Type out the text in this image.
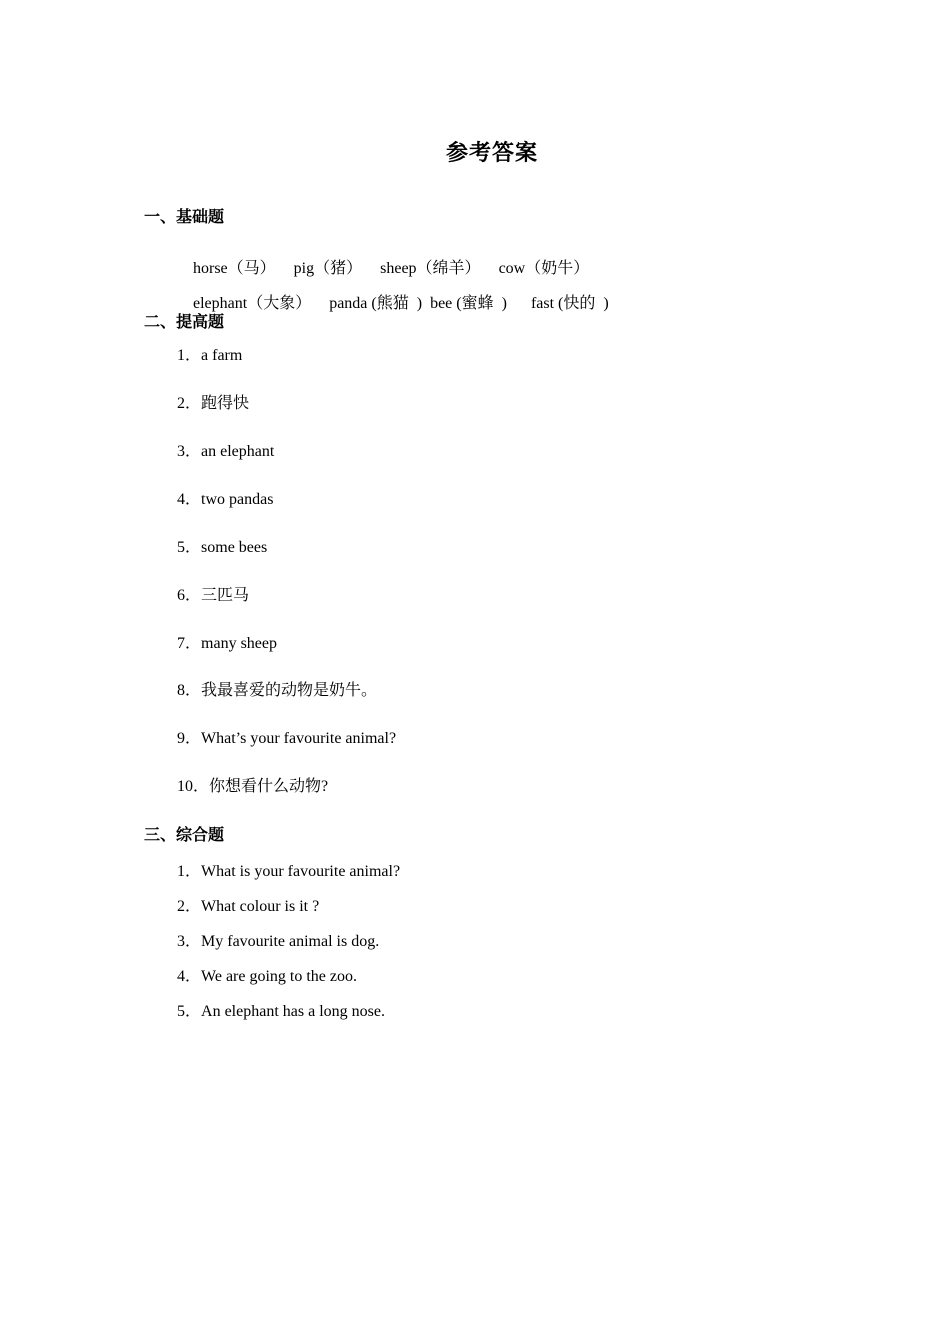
参考答案
一、基础题

horse（马） pig（猪） sheep（绵羊） cow（奶牛）

elephant（大象） panda (熊猫  ) bee (蜜蜂  ) fast (快的  )

二、提高题
1．a farm
2．跑得快
3．an elephant
4．two pandas
5．some bees
6．三匹马
7．many sheep
8．我最喜爱的动物是奶牛。
9．What’s your favourite animal?
10．你想看什么动物?
三、综合题
1．What is your favourite animal?
2．What colour is it ?
3．My favourite animal is dog.
4．We are going to the zoo.
5．An elephant has a long nose.
